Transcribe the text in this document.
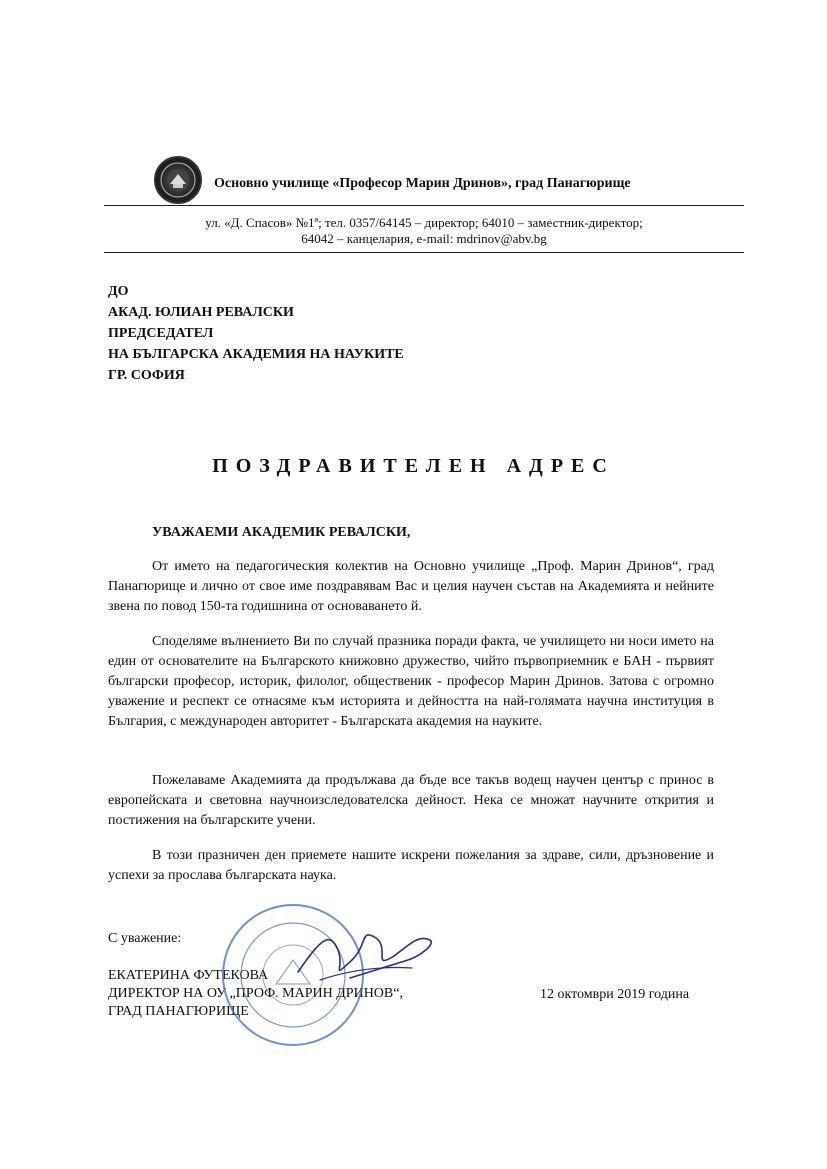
Основно училище «Професор Марин Дринов», град Панагюрище
ул. «Д. Спасов» №1ª; тел. 0357/64145 – директор; 64010 – заместник-директор;
64042 – канцелария, e-mail: mdrinov@abv.bg
ДО
АКАД. ЮЛИАН РЕВАЛСКИ
ПРЕДСЕДАТЕЛ
НА БЪЛГАРСКА АКАДЕМИЯ НА НАУКИТЕ
ГР. СОФИЯ
ПОЗДРАВИТЕЛЕН АДРЕС
УВАЖАЕМИ АКАДЕМИК РЕВАЛСКИ,
От името на педагогическия колектив на Основно училище „Проф. Марин Дринов“, град Панагюрище и лично от свое име поздравявам Вас и целия научен състав на Академията и нейните звена по повод 150-та годишнина от основаването й.
Споделяме вълнението Ви по случай празника поради факта, че училището ни носи името на един от основателите на Българското книжовно дружество, чийто първоприемник е БАН - първият български професор, историк, филолог, общественик - професор Марин Дринов. Затова с огромно уважение и респект се отнасяме към историята и дейността на най-голямата научна институция в България, с международен авторитет - Българската академия на науките.
Пожелаваме Академията да продължава да бъде все такъв водещ научен център с принос в европейската и световна научноизследователска дейност. Нека се множат научните открития и постижения на българските учени.
В този празничен ден приемете нашите искрени пожелания за здраве, сили, дръзновение и успехи за прослава българската наука.
С уважение:
ЕКАТЕРИНА ФУТЕКОВА
ДИРЕКТОР НА ОУ „ПРОФ. МАРИН ДРИНОВ“,
ГРАД ПАНАГЮРИЩЕ
12 октомври 2019 година
